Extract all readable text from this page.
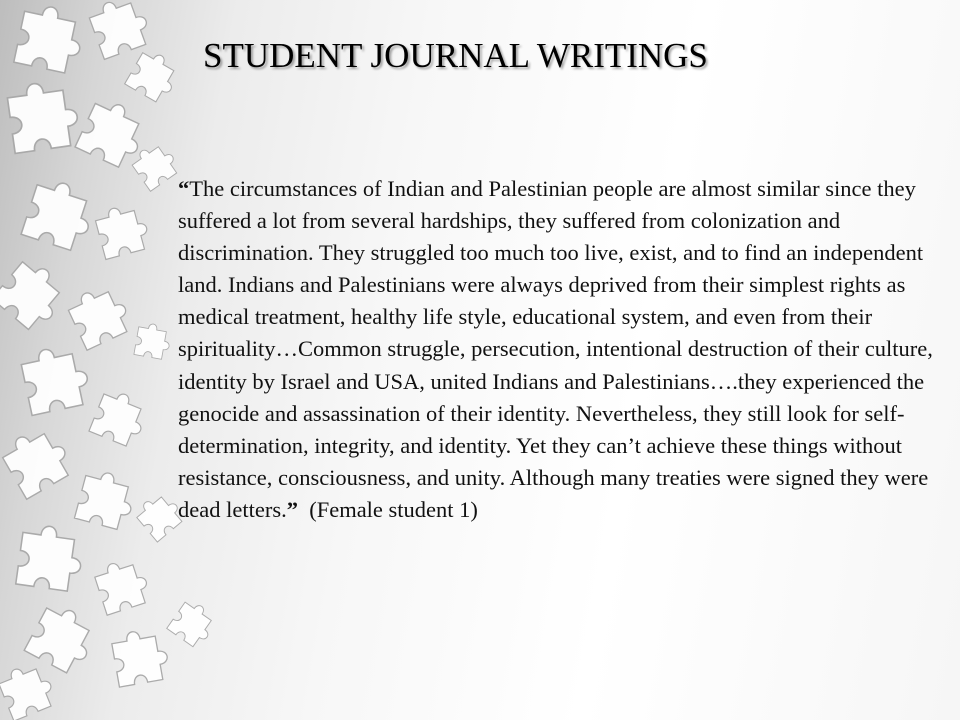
STUDENT JOURNAL WRITINGS

“The circumstances of Indian and Palestinian people are almost similar since they suffered a lot from several hardships, they suffered from colonization and discrimination. They struggled too much too live, exist, and to find an independent land. Indians and Palestinians were always deprived from their simplest rights as medical treatment, healthy life style, educational system, and even from their spirituality…Common struggle, persecution, intentional destruction of their culture, identity by Israel and USA, united Indians and Palestinians….they experienced the genocide and assassination of their identity. Nevertheless, they still look for self-determination, integrity, and identity. Yet they can’t achieve these things without resistance, consciousness, and unity. Although many treaties were signed they were dead letters.” (Female student 1)
